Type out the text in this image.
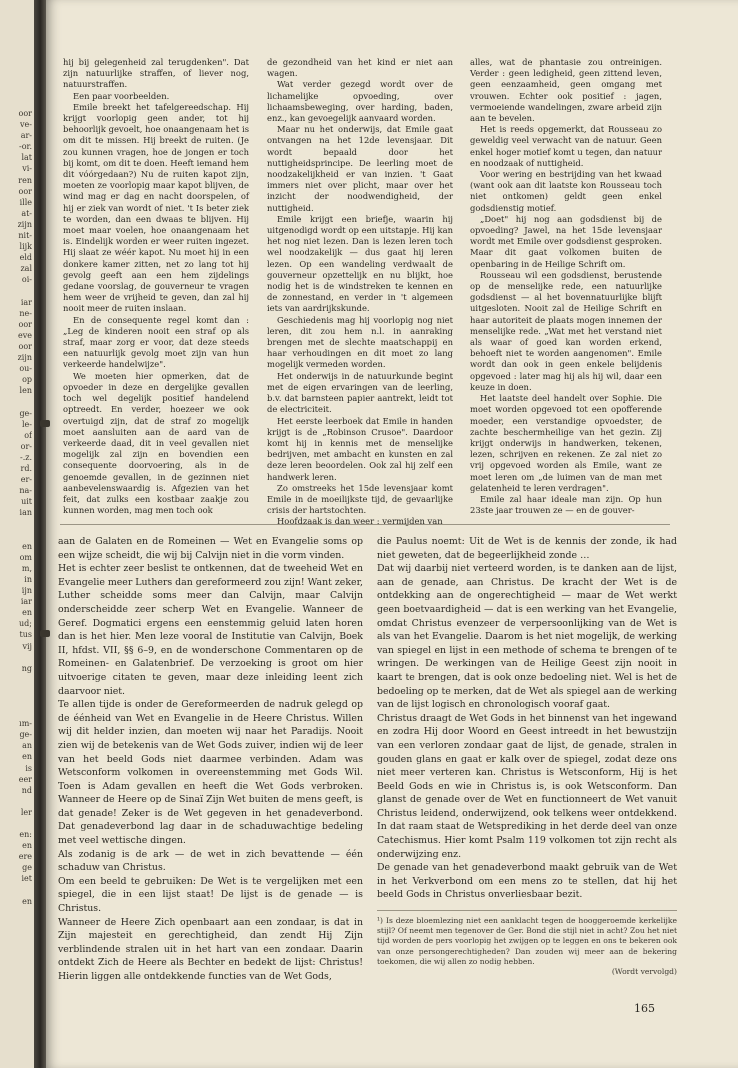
oor
ve-
ar-
-or.
lat
vi-
ren
oor
ille
at-
zijn
nit-
lijk
eld
zal
oi-
iar
ne-
oor
eve
oor
zijn
ou-
op
len
ge-
le-
of
or-
-.z.
rd.
er-
na-
uit
ian
en
om
m,
in
ijn
iar
en
ud;
tus
vij
ng
ım-
ge-
an
en
is
eer
nd
ler
en:
en
ere
ge
iet
en

hij bij gelegenheid zal terugdenken". Dat zijn natuurlijke straffen, of liever nog, natuurstraffen.

Een paar voorbeelden.

Emile breekt het tafelgereedschap. Hij krijgt voorlopig geen ander, tot hij behoorlijk gevoelt, hoe onaangenaam het is om dit te missen. Hij breekt de ruiten. (Je zou kunnen vragen, hoe de jongen er toch bij komt, om dit te doen. Heeft iemand hem dit vóórgedaan?) Nu de ruiten kapot zijn, moeten ze voorlopig maar kapot blijven, de wind mag er dag en nacht doorspelen, of hij er ziek van wordt of niet. 't Is beter ziek te worden, dan een dwaas te blijven. Hij moet maar voelen, hoe onaangenaam het is. Eindelijk worden er weer ruiten ingezet. Hij slaat ze wéér kapot. Nu moet hij in een donkere kamer zitten, net zo lang tot hij gevolg geeft aan een hem zijdelings gedane voorslag, de gouverneur te vragen hem weer de vrijheid te geven, dan zal hij nooit meer de ruiten inslaan.

En de consequente regel komt dan : „Leg de kinderen nooit een straf op als straf, maar zorg er voor, dat deze steeds een natuurlijk gevolg moet zijn van hun verkeerde handelwijze".

We moeten hier opmerken, dat de opvoeder in deze en dergelijke gevallen toch wel degelijk positief handelend optreedt. En verder, hoezeer we ook overtuigd zijn, dat de straf zo mogelijk moet aansluiten aan de aard van de verkeerde daad, dit in veel gevallen niet mogelijk zal zijn en bovendien een consequente doorvoering, als in de genoemde gevallen, in de gezinnen niet aanbevelenswaardig is. Afgezien van het feit, dat zulks een kostbaar zaakje zou kunnen worden, mag men toch ook

de gezondheid van het kind er niet aan wagen.

Wat verder gezegd wordt over de lichamelijke opvoeding, over lichaamsbeweging, over harding, baden, enz., kan gevoegelijk aanvaard worden.

Maar nu het onderwijs, dat Emile gaat ontvangen na het 12de levensjaar. Dit wordt bepaald door het nuttigheidsprincipe. De leerling moet de noodzakelijkheid er van inzien. 't Gaat immers niet over plicht, maar over het inzicht der noodwendigheid, der nuttigheid.

Emile krijgt een briefje, waarin hij uitgenodigd wordt op een uitstapje. Hij kan het nog niet lezen. Dan is lezen leren toch wel noodzakelijk — dus gaat hij leren lezen. Op een wandeling verdwaalt de gouverneur opzettelijk en nu blijkt, hoe nodig het is de windstreken te kennen en de zonnestand, en verder in 't algemeen iets van aardrijkskunde.

Geschiedenis mag hij voorlopig nog niet leren, dit zou hem n.l. in aanraking brengen met de slechte maatschappij en haar verhoudingen en dit moet zo lang mogelijk vermeden worden.

Het onderwijs in de natuurkunde begint met de eigen ervaringen van de leerling, b.v. dat barnsteen papier aantrekt, leidt tot de electriciteit.

Het eerste leerboek dat Emile in handen krijgt is de „Robinson Crusoe". Daardoor komt hij in kennis met de menselijke bedrijven, met ambacht en kunsten en zal deze leren beoordelen. Ook zal hij zelf een handwerk leren.

Zo omstreeks het 15de levensjaar komt Emile in de moeilijkste tijd, de gevaarlijke crisis der hartstochten.

Hoofdzaak is dan weer : vermijden van

alles, wat de phantasie zou ontreinigen. Verder : geen ledigheid, geen zittend leven, geen eenzaamheid, geen omgang met vrouwen. Echter ook positief : jagen, vermoeiende wandelingen, zware arbeid zijn aan te bevelen.

Het is reeds opgemerkt, dat Rousseau zo geweldig veel verwacht van de natuur. Geen enkel hoger motief komt u tegen, dan natuur en noodzaak of nuttigheid.

Voor wering en bestrijding van het kwaad (want ook aan dit laatste kon Rousseau toch niet ontkomen) geldt geen enkel godsdienstig motief.

„Doet" hij nog aan godsdienst bij de opvoeding? Jawel, na het 15de levensjaar wordt met Emile over godsdienst gesproken. Maar dit gaat volkomen buiten de openbaring in de Heilige Schrift om.

Rousseau wil een godsdienst, berustende op de menselijke rede, een natuurlijke godsdienst — al het bovennatuurlijke blijft uitgesloten. Nooit zal de Heilige Schrift en haar autoriteit de plaats mogen innemen der menselijke rede. „Wat met het verstand niet als waar of goed kan worden erkend, behoeft niet te worden aangenomen". Emile wordt dan ook in geen enkele belijdenis opgevoed : later mag hij als hij wil, daar een keuze in doen.

Het laatste deel handelt over Sophie. Die moet worden opgevoed tot een opofferende moeder, een verstandige opvoedster, de zachte beschermheilige van het gezin. Zij krijgt onderwijs in handwerken, tekenen, lezen, schrijven en rekenen. Ze zal niet zo vrij opgevoed worden als Emile, want ze moet leren om „de luimen van de man met gelatenheid te leren verdragen".

Emile zal haar ideale man zijn. Op hun 23ste jaar trouwen ze — en de gouver-

aan de Galaten en de Romeinen — Wet en Evangelie soms op een wijze scheidt, die wij bij Calvijn niet in die vorm vinden.

Het is echter zeer beslist te ontkennen, dat de tweeheid Wet en Evangelie meer Luthers dan gereformeerd zou zijn! Want zeker, Luther scheidde soms meer dan Calvijn, maar Calvijn onderscheidde zeer scherp Wet en Evangelie. Wanneer de Geref. Dogmatici ergens een eenstemmig geluid laten horen dan is het hier. Men leze vooral de Institutie van Calvijn, Boek II, hfdst. VII, §§ 6–9, en de wonderschone Commentaren op de Romeinen- en Galatenbrief. De verzoeking is groot om hier uitvoerige citaten te geven, maar deze inleiding leent zich daarvoor niet.

Te allen tijde is onder de Gereformeerden de nadruk gelegd op de éénheid van Wet en Evangelie in de Heere Christus. Willen wij dit helder inzien, dan moeten wij naar het Paradijs. Nooit zien wij de betekenis van de Wet Gods zuiver, indien wij de leer van het beeld Gods niet daarmee verbinden. Adam was Wetsconform volkomen in overeenstemming met Gods Wil. Toen is Adam gevallen en heeft die Wet Gods verbroken. Wanneer de Heere op de Sinaï Zijn Wet buiten de mens geeft, is dat genade! Zeker is de Wet gegeven in het genadeverbond. Dat genadeverbond lag daar in de schaduwachtige bedeling met veel wettische dingen.

Als zodanig is de ark — de wet in zich bevattende — één schaduw van Christus.

Om een beeld te gebruiken: De Wet is te vergelijken met een spiegel, die in een lijst staat! De lijst is de genade — is Christus.

Wanneer de Heere Zich openbaart aan een zondaar, is dat in Zijn majesteit en gerechtigheid, dan zendt Hij Zijn verblindende stralen uit in het hart van een zondaar. Daarin ontdekt Zich de Heere als Bechter en bedekt de lijst: Christus! Hierin liggen alle ontdekkende functies van de Wet Gods,

die Paulus noemt: Uit de Wet is de kennis der zonde, ik had niet geweten, dat de begeerlijkheid zonde …

Dat wij daarbij niet verteerd worden, is te danken aan de lijst, aan de genade, aan Christus. De kracht der Wet is de ontdekking aan de ongerechtigheid — maar de Wet werkt geen boetvaardigheid — dat is een werking van het Evangelie, omdat Christus evenzeer de verpersoonlijking van de Wet is als van het Evangelie. Daarom is het niet mogelijk, de werking van spiegel en lijst in een methode of schema te brengen of te wringen. De werkingen van de Heilige Geest zijn nooit in kaart te brengen, dat is ook onze bedoeling niet. Wel is het de bedoeling op te merken, dat de Wet als spiegel aan de werking van de lijst logisch en chronologisch vooraf gaat.

Christus draagt de Wet Gods in het binnenst van het ingewand en zodra Hij door Woord en Geest intreedt in het bewustzijn van een verloren zondaar gaat de lijst, de genade, stralen in gouden glans en gaat er kalk over de spiegel, zodat deze ons niet meer verteren kan. Christus is Wetsconform, Hij is het Beeld Gods en wie in Christus is, is ook Wetsconform. Dan glanst de genade over de Wet en functionneert de Wet vanuit Christus leidend, onderwijzend, ook telkens weer ontdekkend. In dat raam staat de Wetsprediking in het derde deel van onze Catechismus. Hier komt Psalm 119 volkomen tot zijn recht als onderwijzing enz.

De genade van het genadeverbond maakt gebruik van de Wet in het Verkverbond om een mens zo te stellen, dat hij het beeld Gods in Christus onverliesbaar bezit.

¹) Is deze bloemlezing niet een aanklacht tegen de hooggeroemde kerkelijke stijl? Of neemt men tegenover de Ger. Bond die stijl niet in acht? Zou het niet tijd worden de pers voorlopig het zwijgen op te leggen en ons te bekeren ook van onze persongerechtigheden? Dan zouden wij meer aan de bekering toekomen, die wij allen zo nodig hebben.
(Wordt vervolgd)
165
